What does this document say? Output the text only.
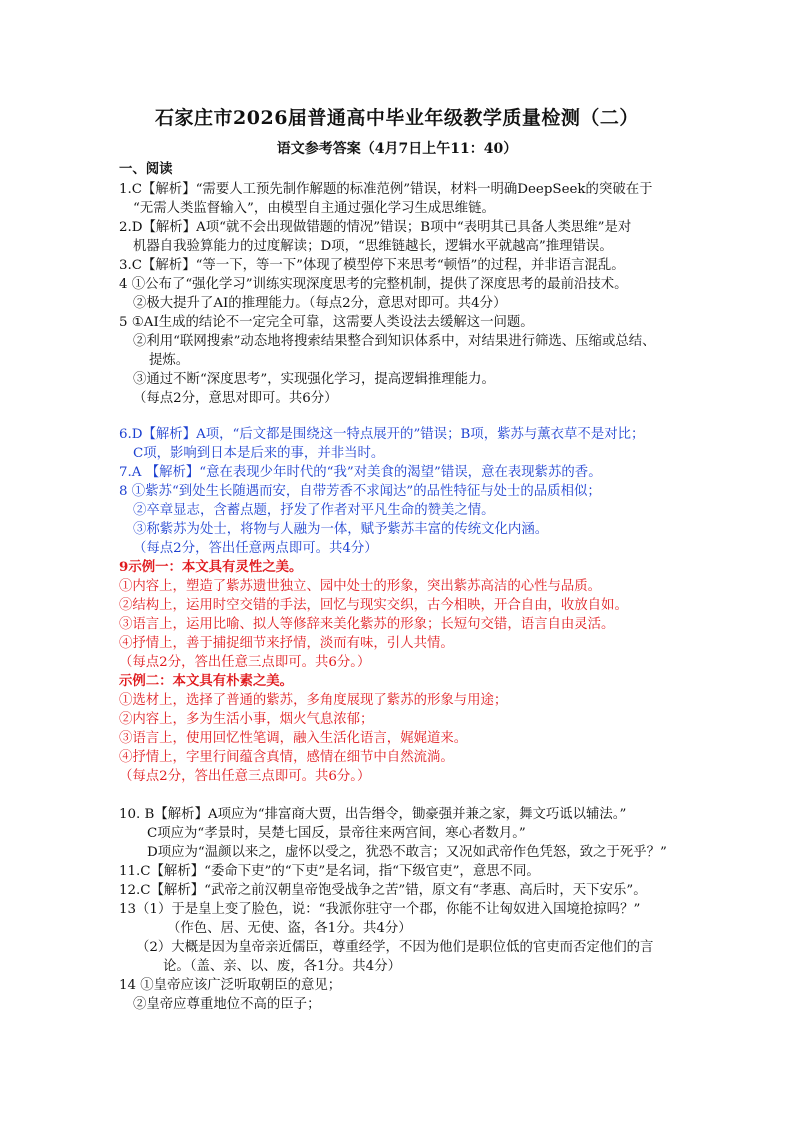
石家庄市2026届普通高中毕业年级教学质量检测（二）
语文参考答案（4月7日上午11：40）
一、阅读
1.C【解析】“需要人工预先制作解题的标准范例”错误，材料一明确DeepSeek的突破在于
“无需人类监督输入”，由模型自主通过强化学习生成思维链。
2.D【解析】A项“就不会出现做错题的情况”错误；B项中“表明其已具备人类思维”是对
机器自我验算能力的过度解读；D项，“思维链越长，逻辑水平就越高”推理错误。
3.C【解析】“等一下，等一下”体现了模型停下来思考“顿悟”的过程，并非语言混乱。
4 ①公布了“强化学习”训练实现深度思考的完整机制，提供了深度思考的最前沿技术。
②极大提升了AI的推理能力。（每点2分，意思对即可。共4分）
5 ①AI生成的结论不一定完全可靠，这需要人类设法去缓解这一问题。
②利用“联网搜索”动态地将搜索结果整合到知识体系中，对结果进行筛选、压缩或总结、
提炼。
③通过不断“深度思考”，实现强化学习，提高逻辑推理能力。
（每点2分，意思对即可。共6分）
6.D【解析】A项，“后文都是围绕这一特点展开的”错误；B项，紫苏与薰衣草不是对比；
C项，影响到日本是后来的事，并非当时。
7.A 【解析】“意在表现少年时代的“我”对美食的渴望”错误，意在表现紫苏的香。
8 ①紫苏“到处生长随遇而安，自带芳香不求闻达”的品性特征与处士的品质相似；
②卒章显志，含蓄点题，抒发了作者对平凡生命的赞美之情。
③称紫苏为处士，将物与人融为一体，赋予紫苏丰富的传统文化内涵。
（每点2分，答出任意两点即可。共4分）
9示例一：本文具有灵性之美。
①内容上，塑造了紫苏遗世独立、园中处士的形象，突出紫苏高洁的心性与品质。
②结构上，运用时空交错的手法，回忆与现实交织，古今相映，开合自由，收放自如。
③语言上，运用比喻、拟人等修辞来美化紫苏的形象；长短句交错，语言自由灵活。
④抒情上，善于捕捉细节来抒情，淡而有味，引人共情。
（每点2分，答出任意三点即可。共6分。）
示例二：本文具有朴素之美。
①选材上，选择了普通的紫苏，多角度展现了紫苏的形象与用途；
②内容上，多为生活小事，烟火气息浓郁；
③语言上，使用回忆性笔调，融入生活化语言，娓娓道来。
④抒情上，字里行间蕴含真情，感情在细节中自然流淌。
（每点2分，答出任意三点即可。共6分。）
10. B【解析】A项应为“排富商大贾，出告缗令，锄豪强并兼之家，舞文巧诋以辅法。”
C项应为“孝景时，吴楚七国反，景帝往来两宫间，寒心者数月。”
D项应为“温颜以来之，虚怀以受之，犹恐不敢言；又况如武帝作色凭怒，致之于死乎？”
11.C【解析】“委命下吏”的“下吏”是名词，指“下级官吏”，意思不同。
12.C【解析】“武帝之前汉朝皇帝饱受战争之苦”错，原文有“孝惠、高后时，天下安乐”。
13（1）于是皇上变了脸色，说：“我派你驻守一个郡，你能不让匈奴进入国境抢掠吗？”
（作色、居、无使、盗，各1分。共4分）
（2）大概是因为皇帝亲近儒臣，尊重经学，不因为他们是职位低的官吏而否定他们的言
论。（盖、亲、以、废，各1分。共4分）
14 ①皇帝应该广泛听取朝臣的意见；
②皇帝应尊重地位不高的臣子；
